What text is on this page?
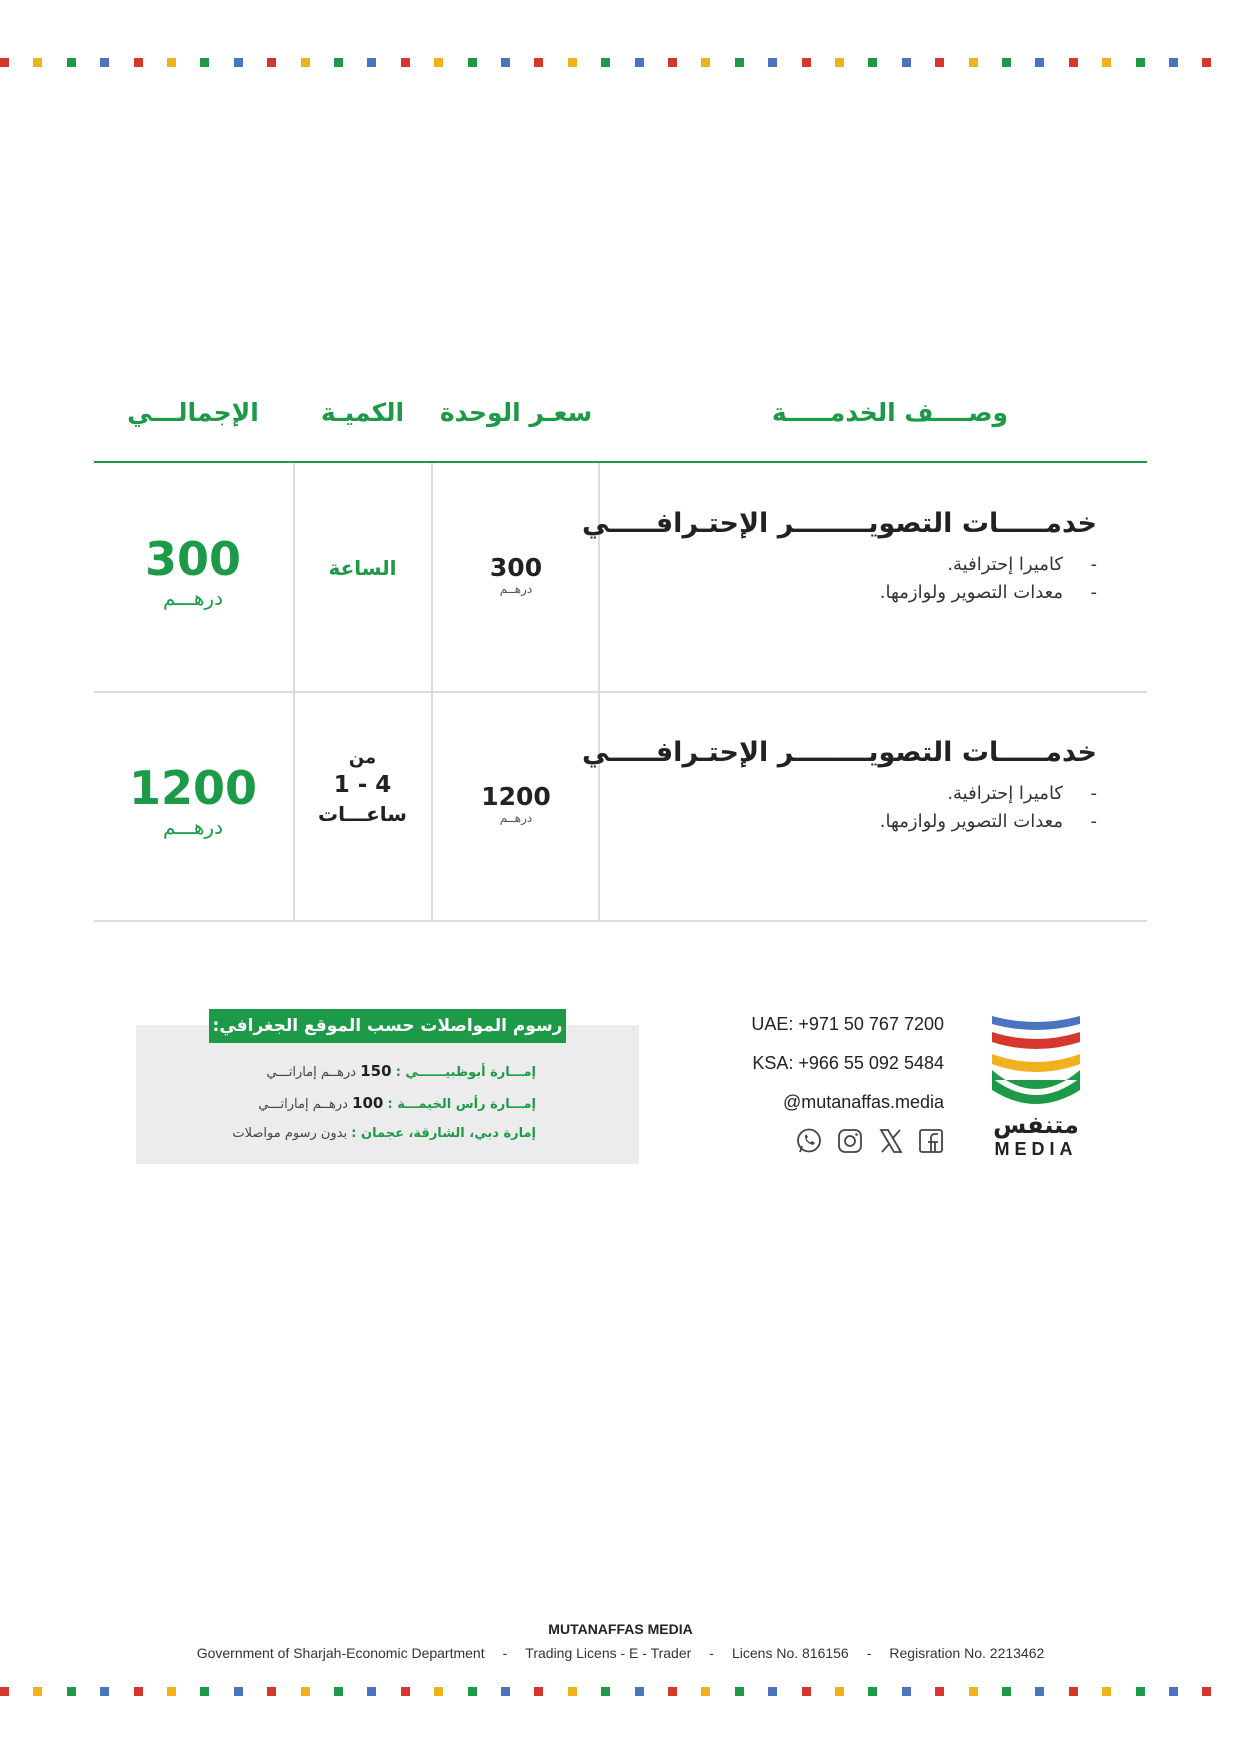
وصــــف الخدمـــــة
سعـر الوحدة
الكميـة
الإجمالـــي
خدمـــــات التصويــــــــر الإحتـرافـــــي
- كاميرا إحترافية.
- معدات التصوير ولوازمها.
300
درهــم
الساعة
300
درهـــم
خدمـــــات التصويــــــــر الإحتـرافـــــي
- كاميرا إحترافية.
- معدات التصوير ولوازمها.
1200
درهــم
من
1 - 4
ساعـــات
1200
درهـــم
رسوم المواصلات حسب الموقع الجغرافي:
إمـــارة أبوظبيــــــي : 150 درهــم إماراتـــي
إمـــارة رأس الخيمـــة : 100 درهــم إماراتـــي
إمارة دبي، الشارقة، عجمان : بدون رسوم مواصلات
UAE: +971 50 767 7200
KSA: +966 55 092 5484
@mutanaffas.media
متنفس
MEDIA
MUTANAFFAS MEDIA
Government of Sharjah-Economic Department - Trading Licens - E - Trader - Licens No. 816156 - Regisration No. 2213462
